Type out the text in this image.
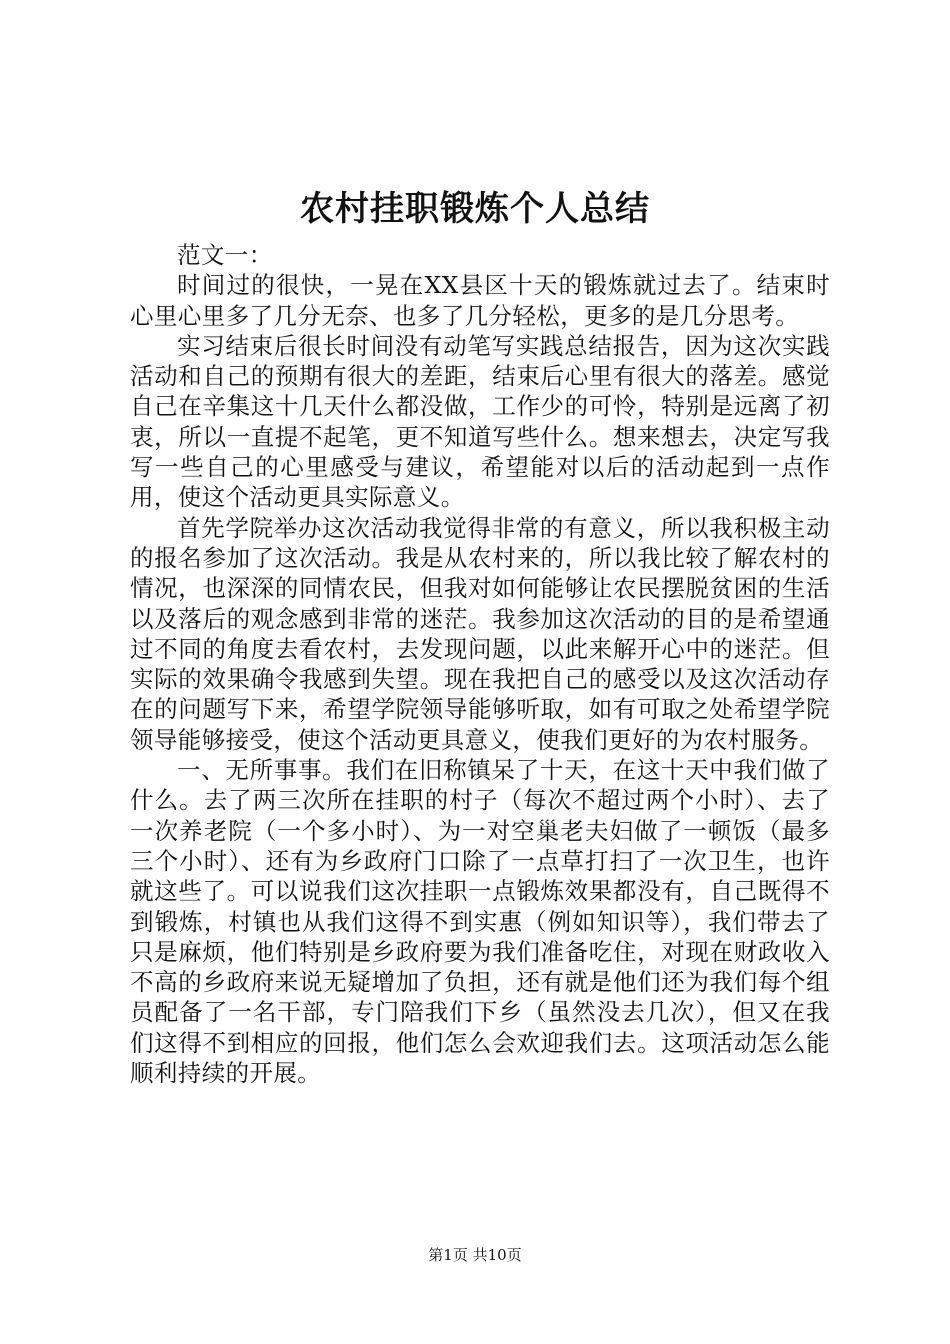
农村挂职锻炼个人总结

范文一：

时间过的很快，一晃在XX县区十天的锻炼就过去了。结束时心里心里多了几分无奈、也多了几分轻松，更多的是几分思考。

实习结束后很长时间没有动笔写实践总结报告，因为这次实践活动和自己的预期有很大的差距，结束后心里有很大的落差。感觉自己在辛集这十几天什么都没做，工作少的可怜，特别是远离了初衷，所以一直提不起笔，更不知道写些什么。想来想去，决定写我写一些自己的心里感受与建议，希望能对以后的活动起到一点作用，使这个活动更具实际意义。

首先学院举办这次活动我觉得非常的有意义，所以我积极主动的报名参加了这次活动。我是从农村来的，所以我比较了解农村的情况，也深深的同情农民，但我对如何能够让农民摆脱贫困的生活以及落后的观念感到非常的迷茫。我参加这次活动的目的是希望通过不同的角度去看农村，去发现问题，以此来解开心中的迷茫。但实际的效果确令我感到失望。现在我把自己的感受以及这次活动存在的问题写下来，希望学院领导能够听取，如有可取之处希望学院领导能够接受，使这个活动更具意义，使我们更好的为农村服务。

一、无所事事。我们在旧称镇呆了十天，在这十天中我们做了什么。去了两三次所在挂职的村子（每次不超过两个小时）、去了一次养老院（一个多小时）、为一对空巢老夫妇做了一顿饭（最多三个小时）、还有为乡政府门口除了一点草打扫了一次卫生，也许就这些了。可以说我们这次挂职一点锻炼效果都没有，自己既得不到锻炼，村镇也从我们这得不到实惠（例如知识等），我们带去了只是麻烦，他们特别是乡政府要为我们准备吃住，对现在财政收入不高的乡政府来说无疑增加了负担，还有就是他们还为我们每个组员配备了一名干部，专门陪我们下乡（虽然没去几次），但又在我们这得不到相应的回报，他们怎么会欢迎我们去。这项活动怎么能顺利持续的开展。

第1页 共10页
